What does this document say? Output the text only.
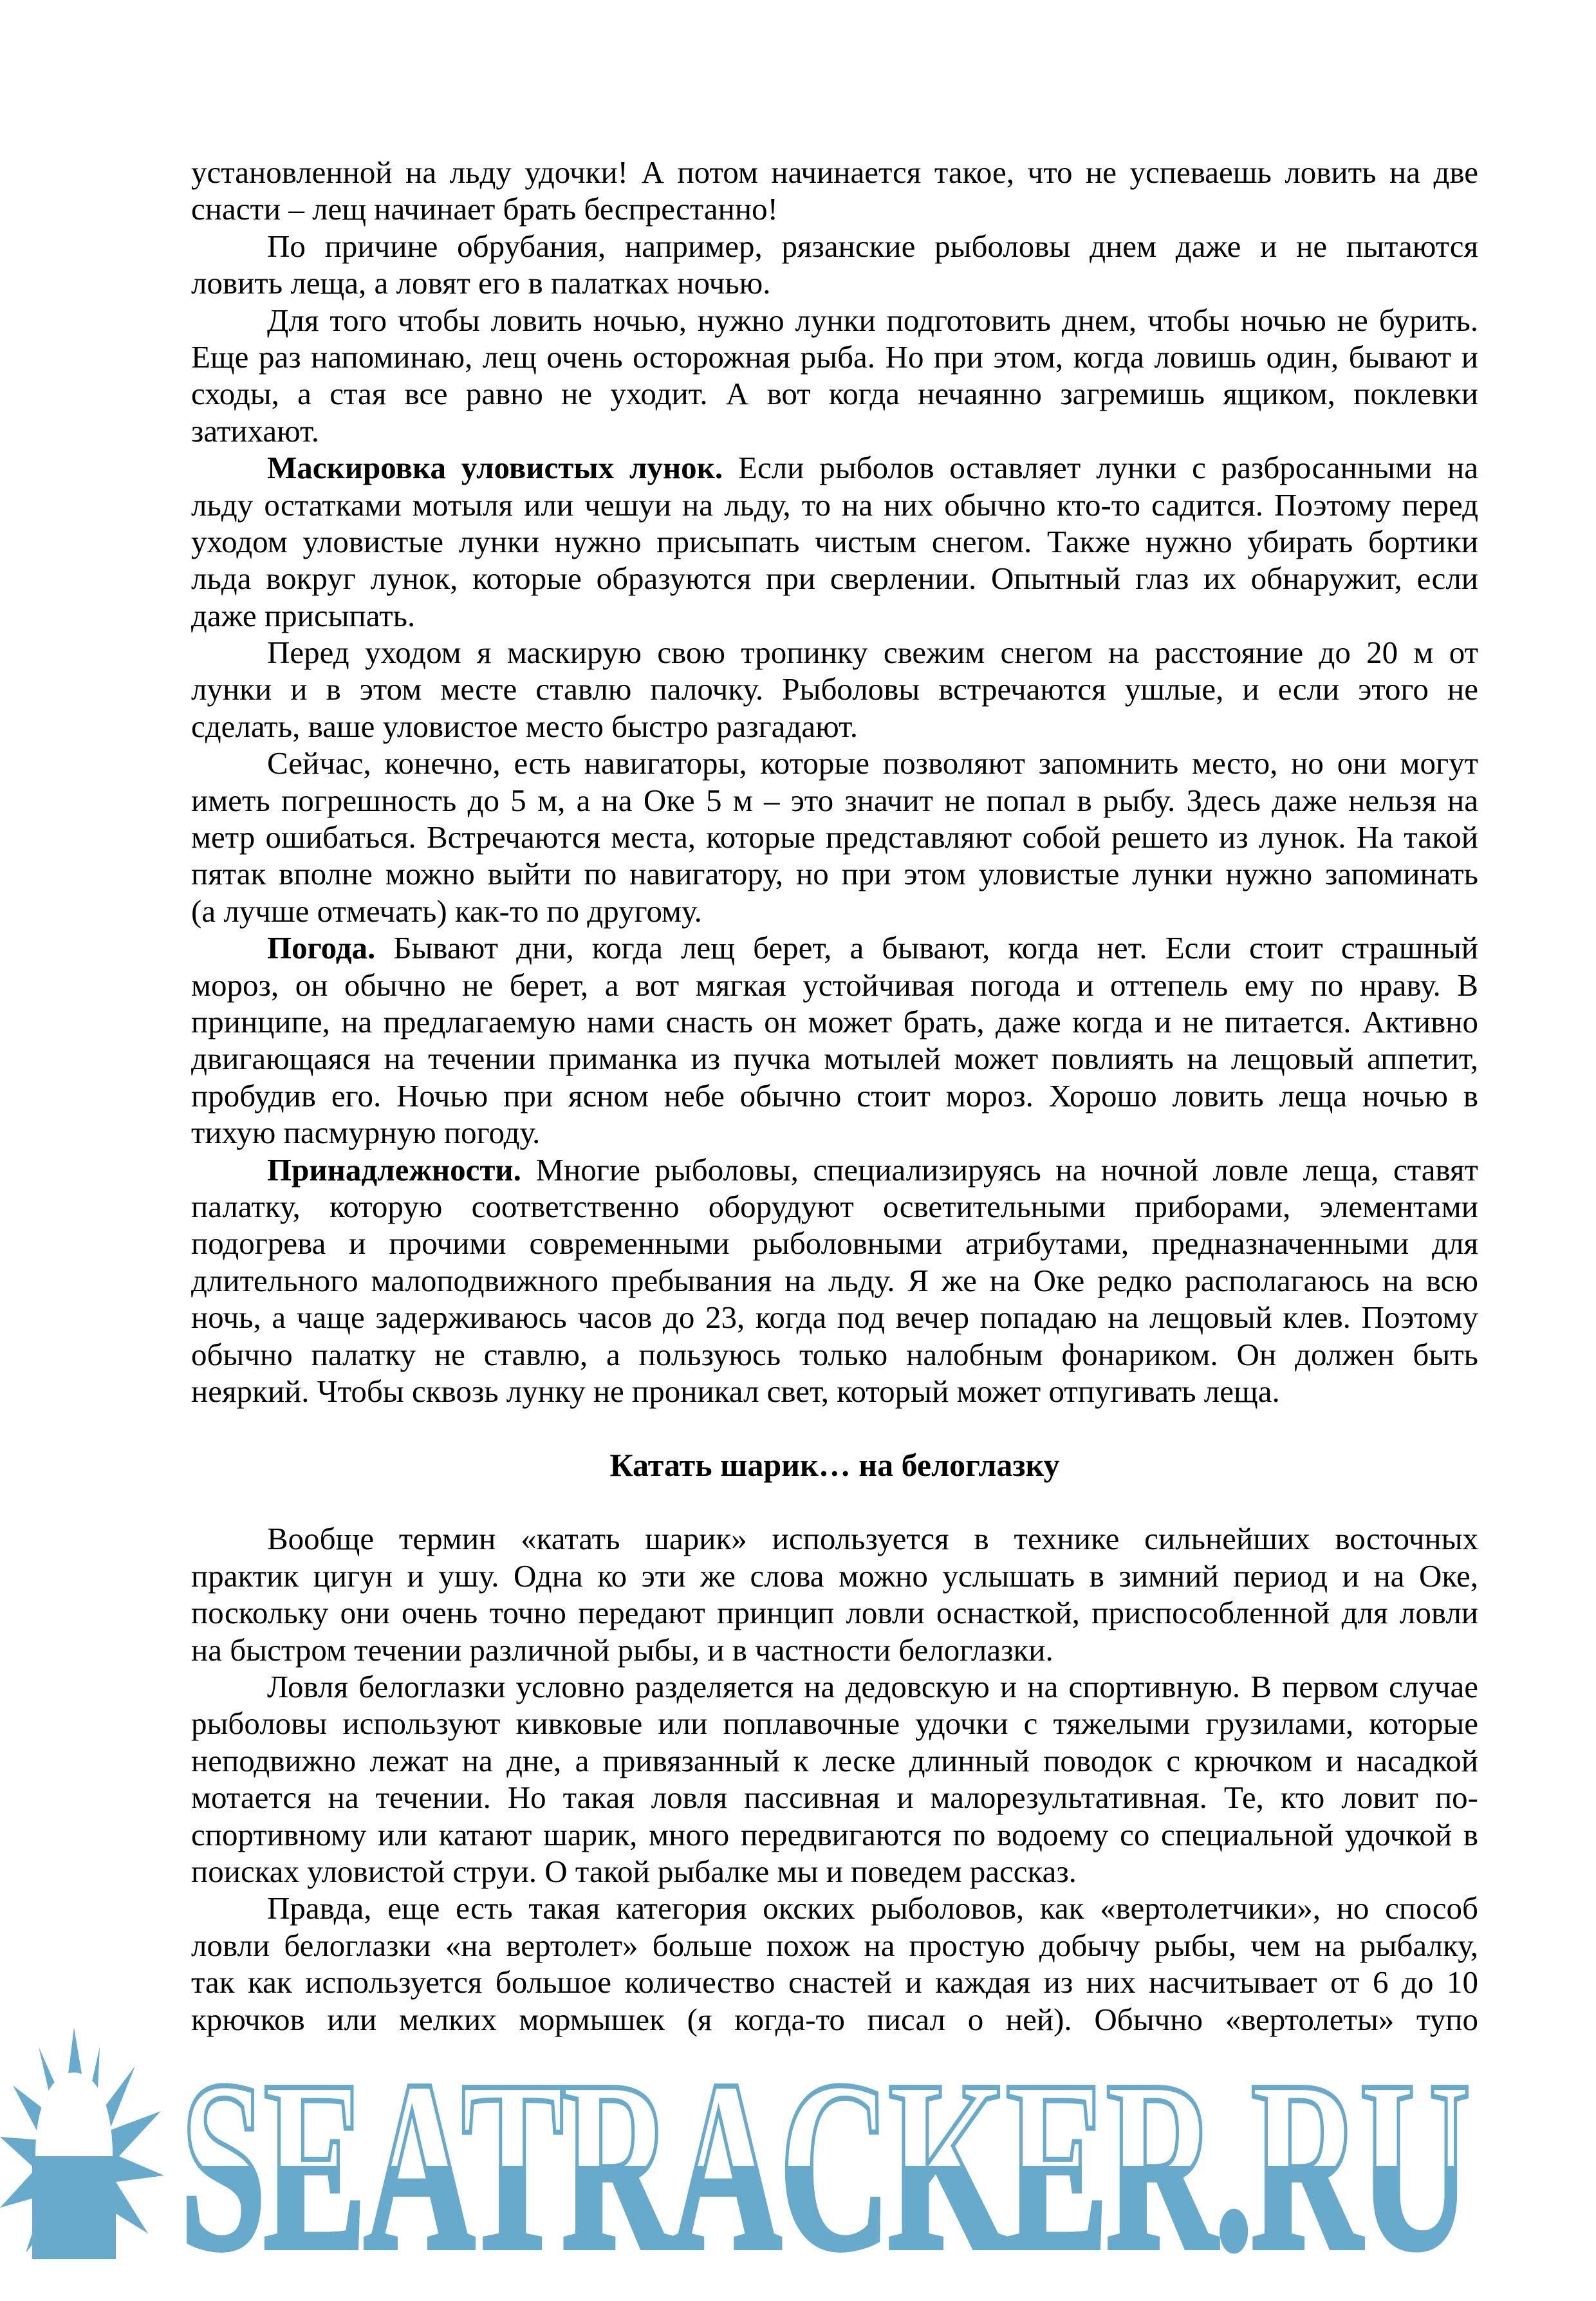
установленной на льду удочки! А потом начинается такое, что не успеваешь ловить на две
снасти – лещ начинает брать беспрестанно!
По причине обрубания, например, рязанские рыболовы днем даже и не пытаются
ловить леща, а ловят его в палатках ночью.
Для того чтобы ловить ночью, нужно лунки подготовить днем, чтобы ночью не бурить.
Еще раз напоминаю, лещ очень осторожная рыба. Но при этом, когда ловишь один, бывают и
сходы, а стая все равно не уходит. А вот когда нечаянно загремишь ящиком, поклевки
затихают.
Маскировка уловистых лунок. Если рыболов оставляет лунки с разбросанными на
льду остатками мотыля или чешуи на льду, то на них обычно кто-то садится. Поэтому перед
уходом уловистые лунки нужно присыпать чистым снегом. Также нужно убирать бортики
льда вокруг лунок, которые образуются при сверлении. Опытный глаз их обнаружит, если
даже присыпать.
Перед уходом я маскирую свою тропинку свежим снегом на расстояние до 20 м от
лунки и в этом месте ставлю палочку. Рыболовы встречаются ушлые, и если этого не
сделать, ваше уловистое место быстро разгадают.
Сейчас, конечно, есть навигаторы, которые позволяют запомнить место, но они могут
иметь погрешность до 5 м, а на Оке 5 м – это значит не попал в рыбу. Здесь даже нельзя на
метр ошибаться. Встречаются места, которые представляют собой решето из лунок. На такой
пятак вполне можно выйти по навигатору, но при этом уловистые лунки нужно запоминать
(а лучше отмечать) как-то по другому.
Погода. Бывают дни, когда лещ берет, а бывают, когда нет. Если стоит страшный
мороз, он обычно не берет, а вот мягкая устойчивая погода и оттепель ему по нраву. В
принципе, на предлагаемую нами снасть он может брать, даже когда и не питается. Активно
двигающаяся на течении приманка из пучка мотылей может повлиять на лещовый аппетит,
пробудив его. Ночью при ясном небе обычно стоит мороз. Хорошо ловить леща ночью в
тихую пасмурную погоду.
Принадлежности. Многие рыболовы, специализируясь на ночной ловле леща, ставят
палатку, которую соответственно оборудуют осветительными приборами, элементами
подогрева и прочими современными рыболовными атрибутами, предназначенными для
длительного малоподвижного пребывания на льду. Я же на Оке редко располагаюсь на всю
ночь, а чаще задерживаюсь часов до 23, когда под вечер попадаю на лещовый клев. Поэтому
обычно палатку не ставлю, а пользуюсь только налобным фонариком. Он должен быть
неяркий. Чтобы сквозь лунку не проникал свет, который может отпугивать леща.
Катать шарик… на белоглазку
Вообще термин «катать шарик» используется в технике сильнейших восточных
практик цигун и ушу. Одна ко эти же слова можно услышать в зимний период и на Оке,
поскольку они очень точно передают принцип ловли оснасткой, приспособленной для ловли
на быстром течении различной рыбы, и в частности белоглазки.
Ловля белоглазки условно разделяется на дедовскую и на спортивную. В первом случае
рыболовы используют кивковые или поплавочные удочки с тяжелыми грузилами, которые
неподвижно лежат на дне, а привязанный к леске длинный поводок с крючком и насадкой
мотается на течении. Но такая ловля пассивная и малорезультативная. Те, кто ловит по-
спортивному или катают шарик, много передвигаются по водоему со специальной удочкой в
поисках уловистой струи. О такой рыбалке мы и поведем рассказ.
Правда, еще есть такая категория окских рыболовов, как «вертолетчики», но способ
ловли белоглазки «на вертолет» больше похож на простую добычу рыбы, чем на рыбалку,
так как используется большое количество снастей и каждая из них насчитывает от 6 до 10
крючков или мелких мормышек (я когда-то писал о ней). Обычно «вертолеты» тупо
SEATRACKER.RU
